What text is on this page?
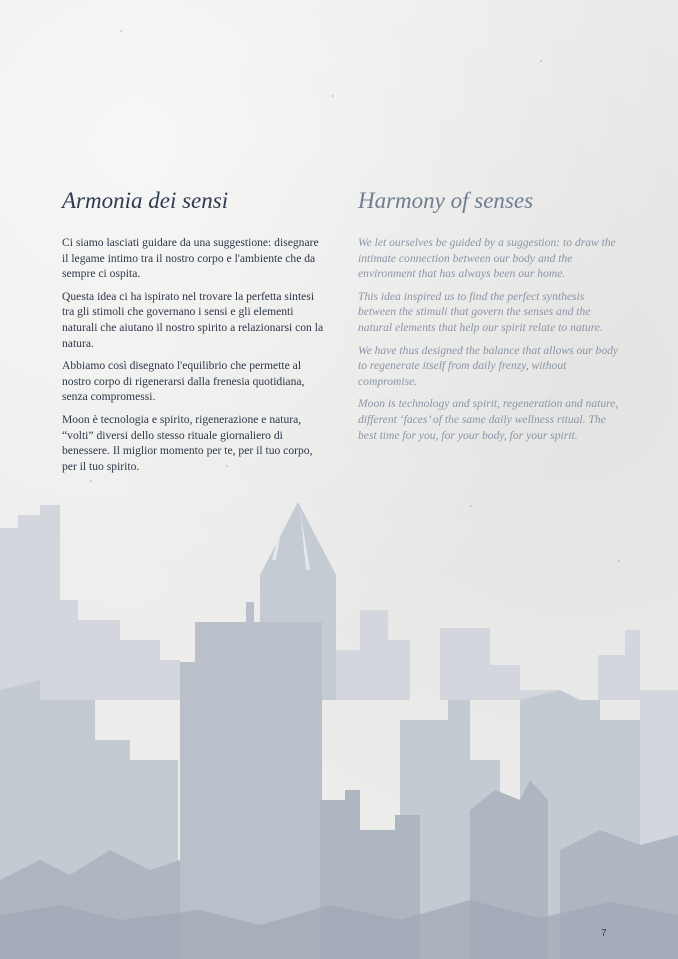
Armonia dei sensi

Ci siamo lasciati guidare da una suggestione: disegnare il legame intimo tra il nostro corpo e l'ambiente che da sempre ci ospita.

Questa idea ci ha ispirato nel trovare la perfetta sintesi tra gli stimoli che governano i sensi e gli elementi naturali che aiutano il nostro spirito a relazionarsi con la natura.

Abbiamo così disegnato l'equilibrio che permette al nostro corpo di rigenerarsi dalla frenesia quotidiana, senza compromessi.

Moon è tecnologia e spirito, rigenerazione e natura, “volti” diversi dello stesso rituale giornaliero di benessere. Il miglior momento per te, per il tuo corpo, per il tuo spirito.

Harmony of senses

We let ourselves be guided by a suggestion: to draw the intimate connection between our body and the environment that has always been our home.

This idea inspired us to find the perfect synthesis between the stimuli that govern the senses and the natural elements that help our spirit relate to nature.

We have thus designed the balance that allows our body to regenerate itself from daily frenzy, without compromise.

Moon is technology and spirit, regeneration and nature, different ‘faces’ of the same daily wellness ritual. The best time for you, for your body, for your spirit.

7
